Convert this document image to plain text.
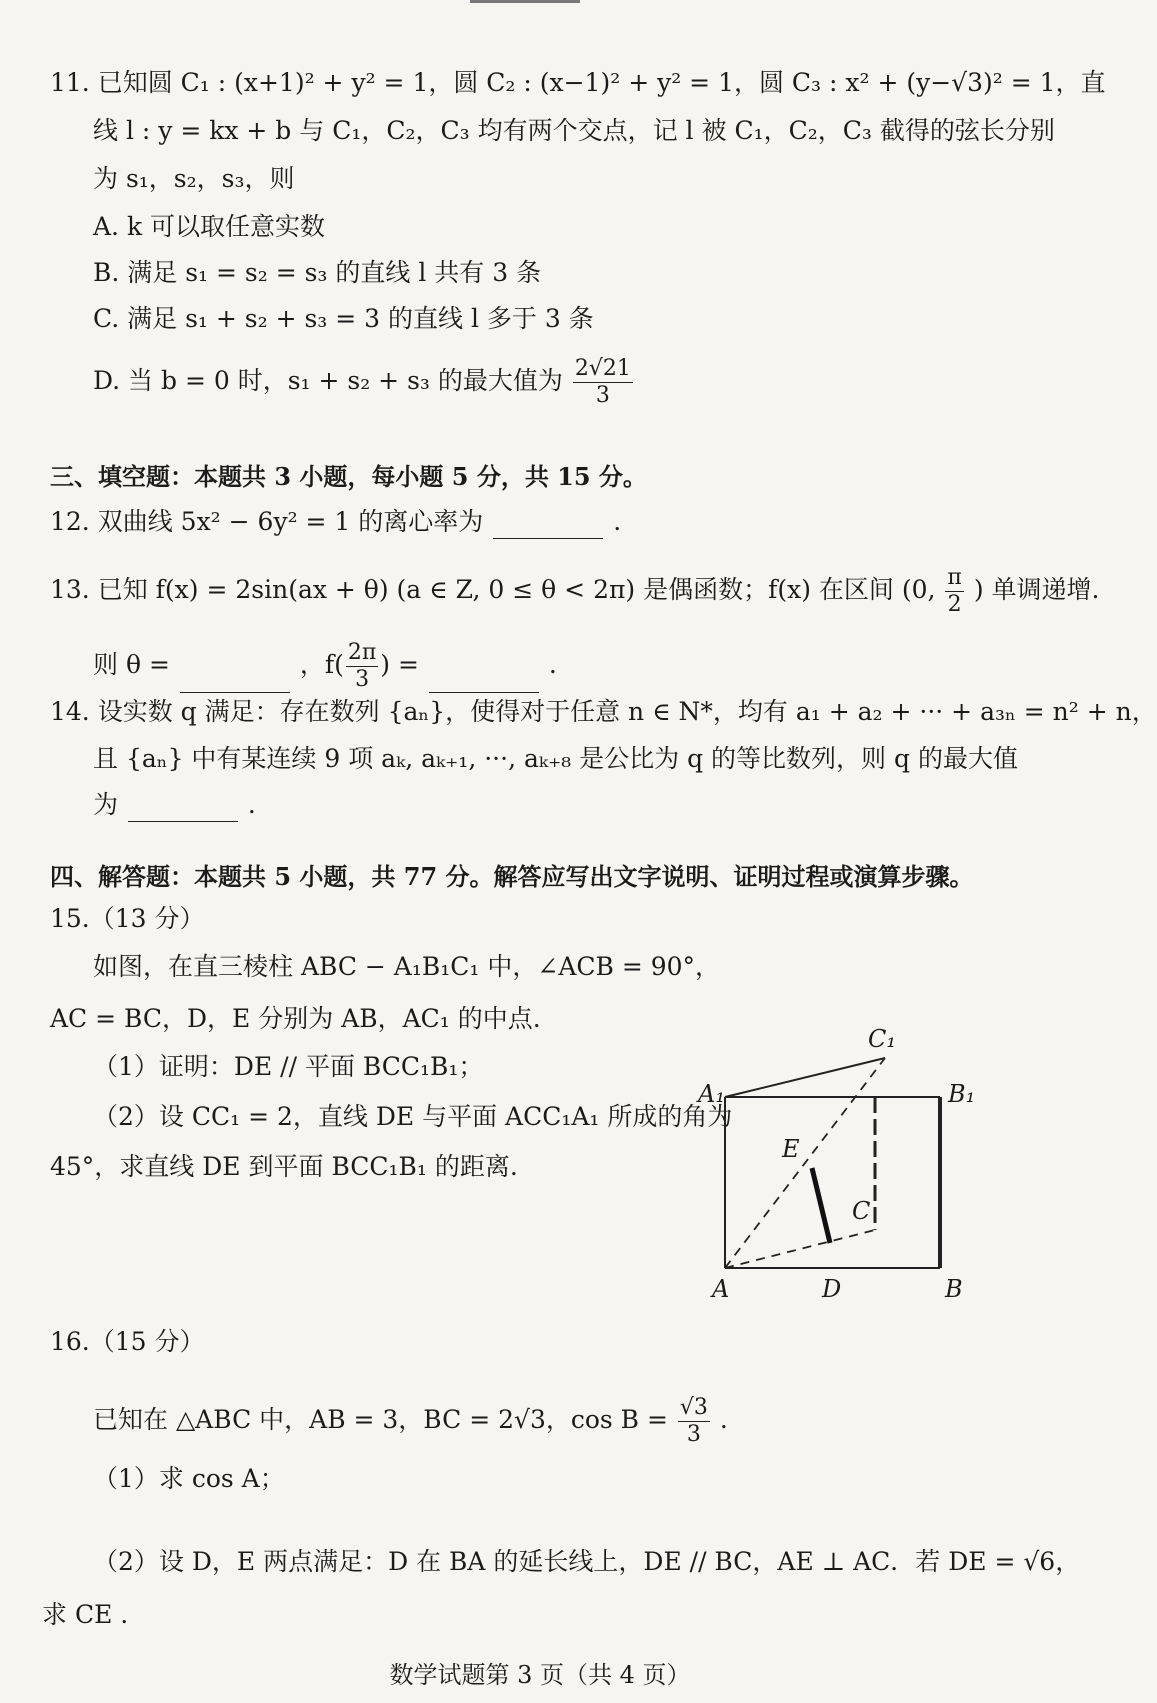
11. 已知圆 C₁ : (x+1)² + y² = 1，圆 C₂ : (x−1)² + y² = 1，圆 C₃ : x² + (y−√3)² = 1，直
线 l : y = kx + b 与 C₁，C₂，C₃ 均有两个交点，记 l 被 C₁，C₂，C₃ 截得的弦长分别
为 s₁，s₂，s₃，则
A. k 可以取任意实数
B. 满足 s₁ = s₂ = s₃ 的直线 l 共有 3 条
C. 满足 s₁ + s₂ + s₃ = 3 的直线 l 多于 3 条
D. 当 b = 0 时，s₁ + s₂ + s₃ 的最大值为 $\frac{2√21}{3}$
三、填空题：本题共 3 小题，每小题 5 分，共 15 分。
12. 双曲线 5x² − 6y² = 1 的离心率为	.
13. 已知 f(x) = 2sin(ax + θ) (a ∈ Z, 0 ≤ θ < 2π) 是偶函数；f(x) 在区间 (0, $\frac{\pi}{2}$ ) 单调递增.
则 θ =	，$f( \frac{2\pi}{3}$ ) =	.
14. 设实数 q 满足：存在数列 {aₙ}，使得对于任意 n ∈ N*，均有 a₁ + a₂ + ··· + a₃ₙ = n² + n，
且 {aₙ} 中有某连续 9 项 aₖ, aₖ₊₁, ···, aₖ₊₈ 是公比为 q 的等比数列，则 q 的最大值
为	.
四、解答题：本题共 5 小题，共 77 分。解答应写出文字说明、证明过程或演算步骤。
15.（13 分）
如图，在直三棱柱 ABC − A₁B₁C₁ 中，∠ACB = 90°，
AC = BC，D，E 分别为 AB，AC₁ 的中点.
（1）证明：DE // 平面 BCC₁B₁；
（2）设 CC₁ = 2，直线 DE 与平面 ACC₁A₁ 所成的角为
45°，求直线 DE 到平面 BCC₁B₁ 的距离.
E
C
C₁
A₁	B₁
A	D	B
16.（15 分）
已知在 △ABC 中，AB = 3，BC = 2√3，$\cos B = \frac{√3}{3}$ .
（1）求 cos A；
（2）设 D，E 两点满足：D 在 BA 的延长线上，DE // BC，AE ⊥ AC．若 DE = √6，
求 CE .
数学试题第 3 页（共 4 页）
